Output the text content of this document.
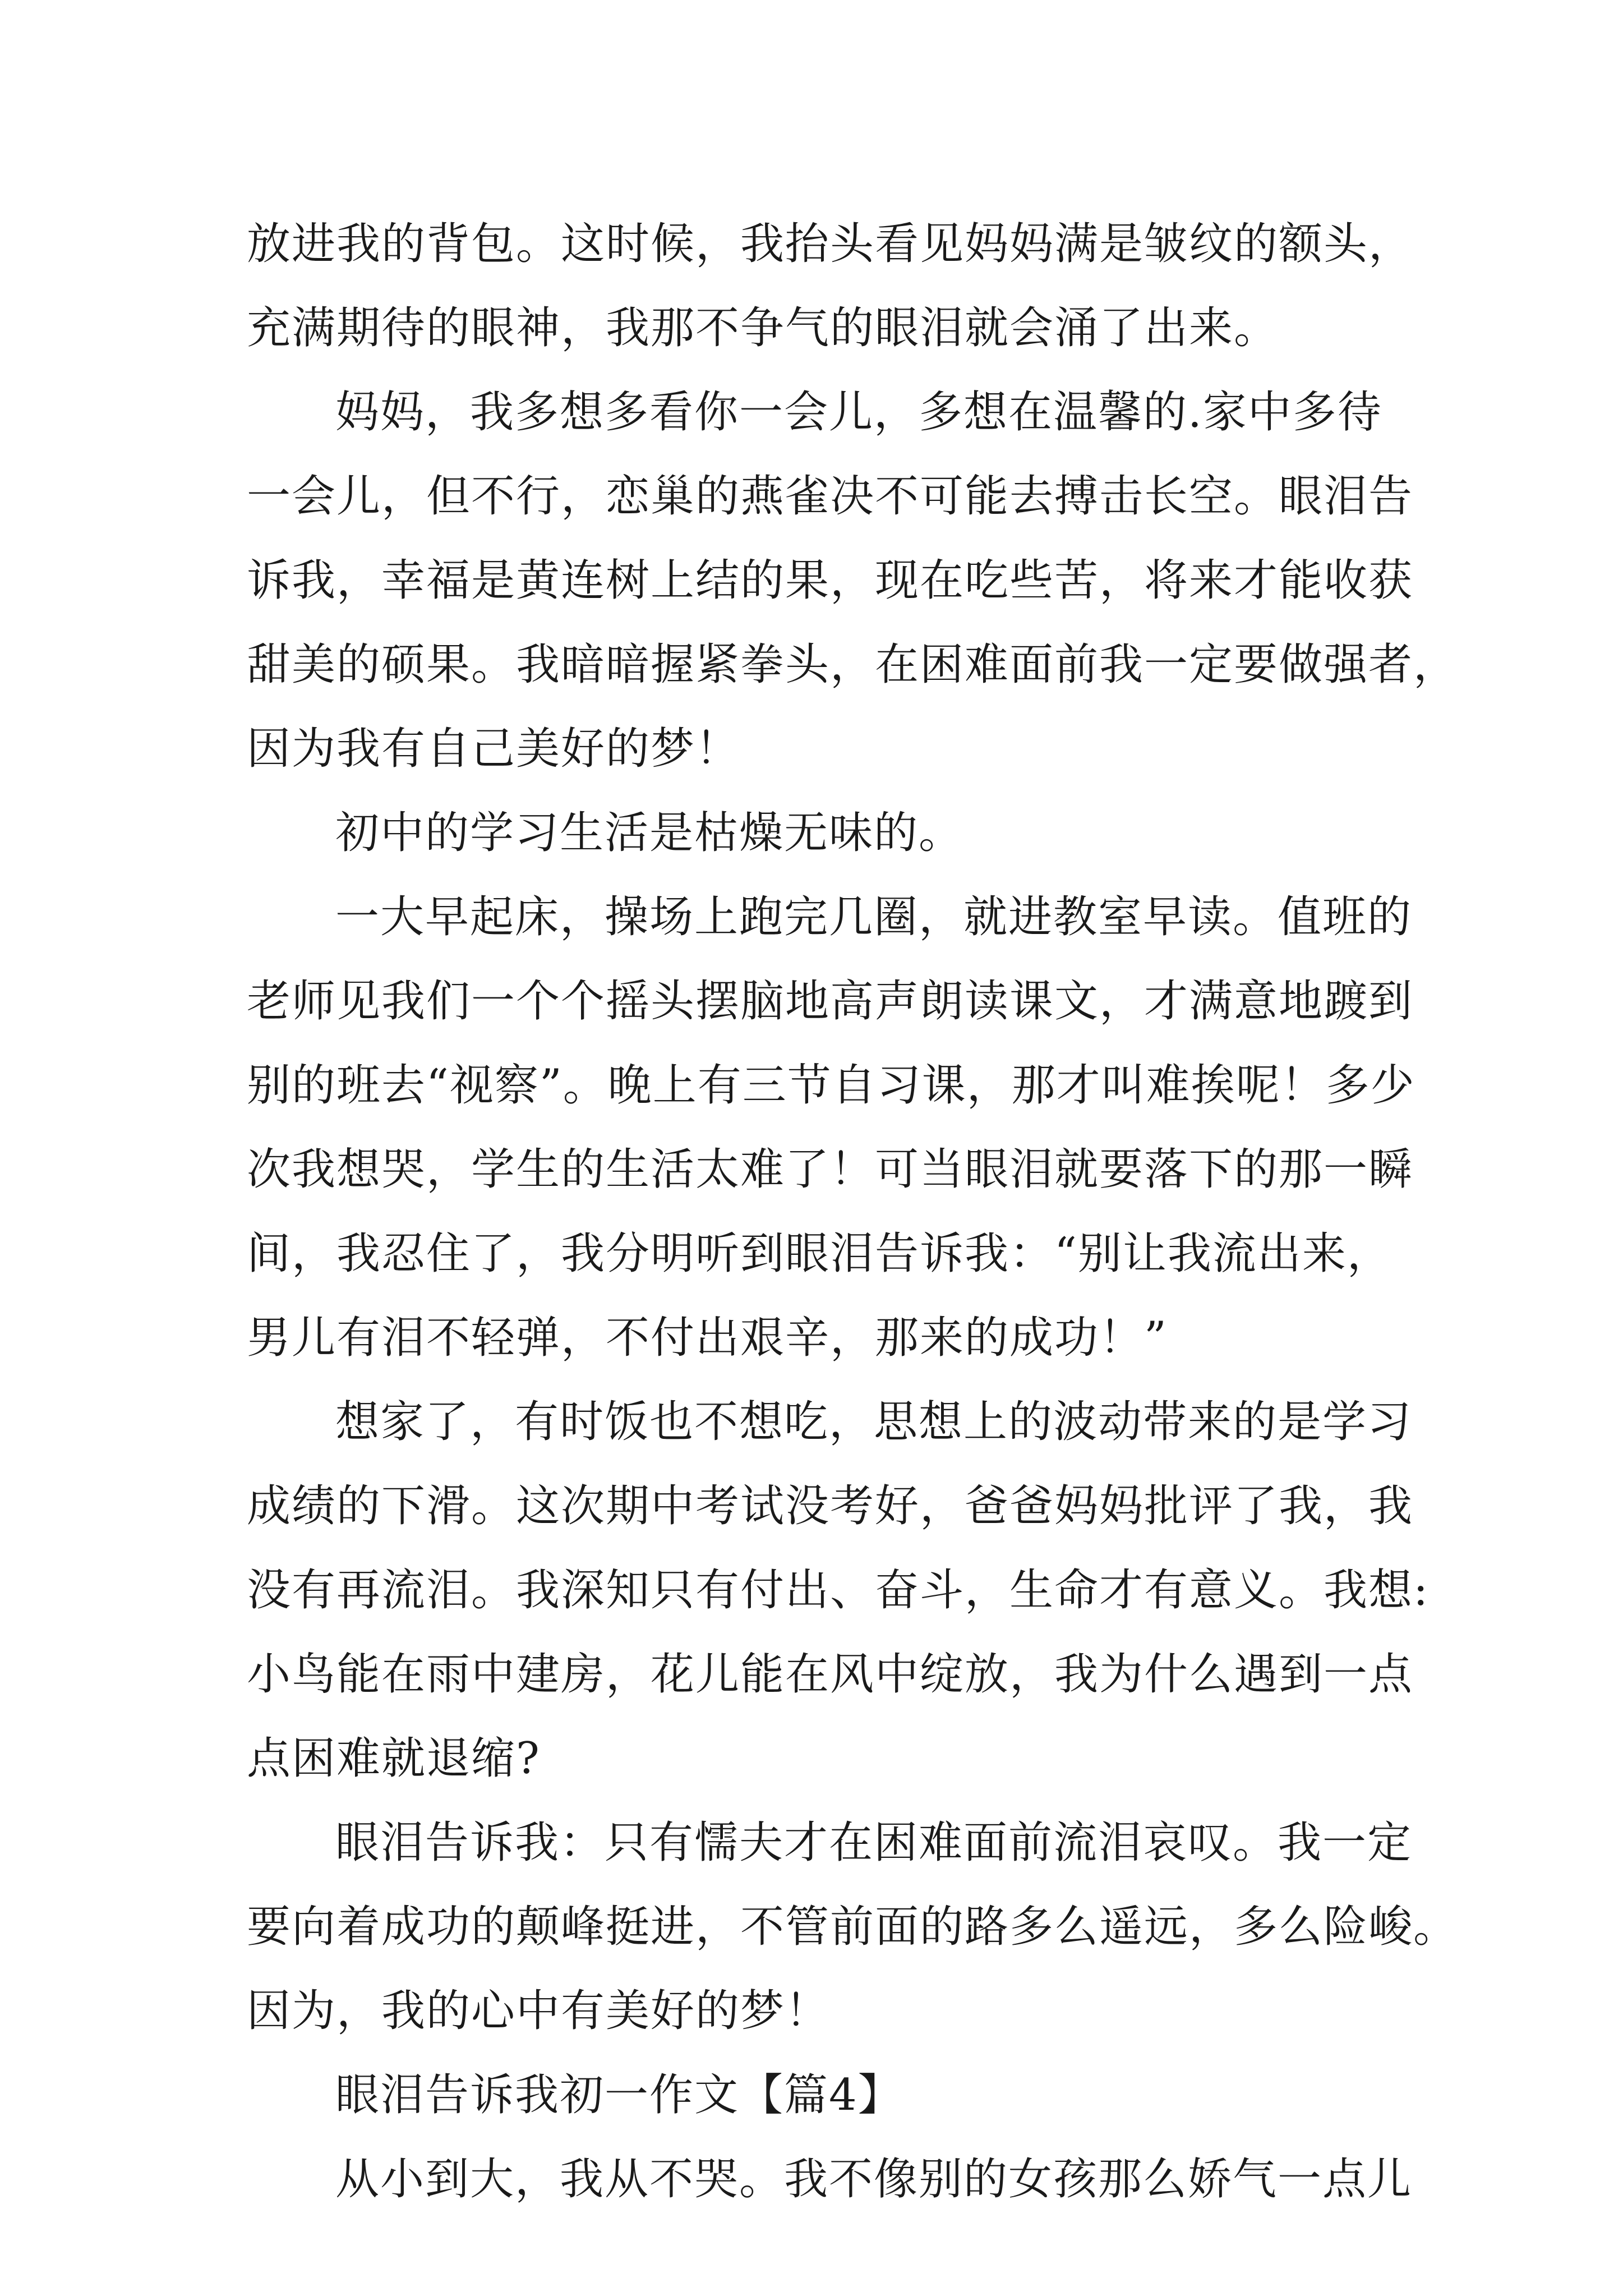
放进我的背包。这时候，我抬头看见妈妈满是皱纹的额头，
充满期待的眼神，我那不争气的眼泪就会涌了出来。
妈妈，我多想多看你一会儿，多想在温馨的.家中多待
一会儿，但不行，恋巢的燕雀决不可能去搏击长空。眼泪告
诉我，幸福是黄连树上结的果，现在吃些苦，将来才能收获
甜美的硕果。我暗暗握紧拳头，在困难面前我一定要做强者，
因为我有自己美好的梦！
初中的学习生活是枯燥无味的。
一大早起床，操场上跑完几圈，就进教室早读。值班的
老师见我们一个个摇头摆脑地高声朗读课文，才满意地踱到
别的班去“视察”。晚上有三节自习课，那才叫难挨呢！多少
次我想哭，学生的生活太难了！可当眼泪就要落下的那一瞬
间，我忍住了，我分明听到眼泪告诉我：“别让我流出来，
男儿有泪不轻弹，不付出艰辛，那来的成功！”
想家了，有时饭也不想吃，思想上的波动带来的是学习
成绩的下滑。这次期中考试没考好，爸爸妈妈批评了我，我
没有再流泪。我深知只有付出、奋斗，生命才有意义。我想:
小鸟能在雨中建房，花儿能在风中绽放，我为什么遇到一点
点困难就退缩?
眼泪告诉我：只有懦夫才在困难面前流泪哀叹。我一定
要向着成功的颠峰挺进，不管前面的路多么遥远，多么险峻。
因为，我的心中有美好的梦！
眼泪告诉我初一作文【篇4】
从小到大，我从不哭。我不像别的女孩那么娇气一点儿
